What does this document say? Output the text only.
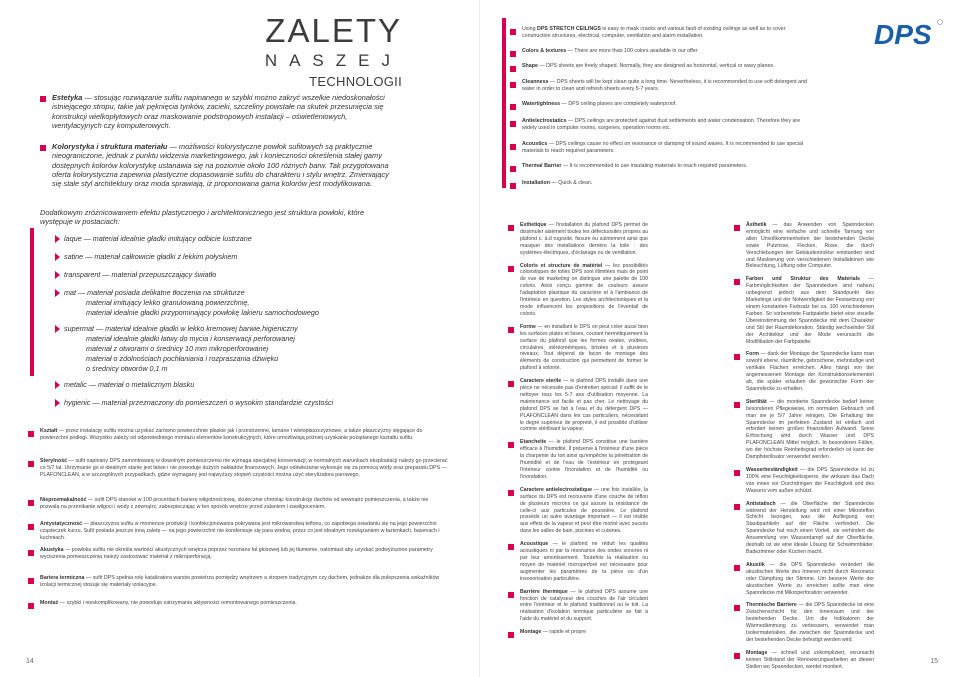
ZALETY
NASZEJ
TECHNOLOGII
Estetyka — stosując rozwiązanie sufitu napinanego w szybki możno zakryć wszelkie niedoskonałości istniejącego stropu, takie jak pęknięcia tynków, zacieki, szczeliny powstałe na skutek przesunięcia się konstrukcji wielkopłytowych oraz maskowanie podstropowych instalacji – oświetleniowych, wentylacyjnych czy komputerowych.
Kolorystyka i struktura materiału — możliwości kolorystyczne powłok sufitowych są praktycznie nieograniczone, jednak z punktu widzenia marketingowego, jak i konieczności określenia stałej gamy dostępnych kolorów kolorystykę ustanawia się na poziomie około 100 różnych barw. Tak przygotowana oferta kolorystyczna zapewnia plastyczne dopasowanie sufitu do charakteru i stylu wnętrz. Zmieniający się stale styl architektury oraz moda sprawiają, iż proponowana gama kolorów jest modyfikowana.
Dodatkowym zróżnicowaniem efektu plastycznego i architektonicznego jest struktura powłoki, które występuje w postaciach:
laque — materiał idealnie gładki imitujący odbicie lustrzane
satine — materiał całkowicie gładki z lekkim połyskiem
transparent — materiał przepuszczający światło
mat — materiał posiada delikatne tłoczenia na strukturze
materiał imitujący lekko granulowaną powierzchnię,
materiał idealnie gładki przypominający powłokę lakieru samochodowego
supermat — materiał idealnie gładki w lekko kremowej barwie,higieniczny
materiał idealnie gładki łatwy do mycia i konserwacji perforowanej
materiał z otworami o średnicy 10 mm mikroperforowanej
materiał o zdolnościach pochłaniania i rozpraszania dźwięku
o średnicy otworów 0,1 m
metalic — materiał o metalicznym blasku
hygienic — materiał przeznaczony do pomieszczeń o wysokim standardzie czystości
Kształt — przez instalację sufitu można uzyskać zarówno powierzchnie płaskie jak i przestrzenne, łamane i wielopłaszczyznowe, a także płaszczyzny sięgające do powierzchni podłogi. Wszystko zależy od odpowiedniego montażu elementów konstrukcyjnych, które umożliwiają później uzyskanie pożądanego kształtu sufitu.
Sterylność — sufit napinany DPS zamontowany w dowolnym pomieszczeniu nie wymaga specjalnej konserwacji; w normalnych warunkach eksploatacji należy go przecierać co 5/7 lat. Utrzymanie go w idealnym stanie jest łatwe i nie powoduje dużych nakładów finansowych. Jego odświeżanie wykonuje się za pomocą wody oraz preparatu DPS — PLAFONCLEAN, a w szczególnych przypadkach, gdzie wymagany jest najwyższy stopień czystości można użyć sterylizatora parowego.
Nieprzemakalność — sufit DPS stanowi w 100 procentach barierę wilgotnościową, skutecznie chroniąc konstrukcję dachów od wewnątrz pomieszczenia, a także nie pozwala na przenikanie wilgoci i wody z zewnątrz, zabezpieczając w ten sposób wnętrze przed zalaniem i zawilgoceniem.
Antystatyczność — płaszczyzna sufitu w momencie produkcji i konfekcjonowania pokrywana jest mikrowarstwą teflonu, co zapobiega osiadaniu się na jego powierzchni cząsteczek kurzu. Sufit posiada jeszcze inną zaletę — na jego powierzchni nie kondensuje się para wodna, przez co jest idealnym rozwiązaniem w łazienkach, basenach i kuchniach.
Akustyka — powłoka sufitu nie określa wartości akustycznych wnętrza poprzez rezonans fal głosowej lub jej tłumienie, natomiast aby uzyskać podwyższone parametry wyciszenia pomieszczenia należy zastosować materiał z mikroperforacją.
Bariera termiczna — sufit DPS spełnia rolę katalizatora warstw powietrza pomiędzy wnętrzem a stropem tradycyjnym czy dachem, jednakże dla polepszenia wskaźników izolacji termicznej stosuje się materiały izolacyjne.
Montaż — szybki i nieskomplikowany, nie powoduje zatrzymania aktywności remontowanego pomieszczenia.
14
DPS
Using DPS STRETCH CEILINGS is easy to mask cracks and various fault of existing ceilings as well as to cover construction structures, electrical, computer, ventilation and alarm installation.
Colors & textures — There are more than 100 colors available in our offer
Shape — DPS sheets are freely shaped. Normally, they are designed as horizontal, vertical or wavy planes.
Cleanness — DPS sheets will be kept clean quite a long time. Nevertheless, it is recommended to use soft detergent and water in order to clean and refresh sheets every 5-7 years.
Watertightness — DPS ceiling planes are completely waterproof.
Antielectrostatics — DPS ceilings are protected against dust settlements and water condensation. Therefore they are widely used in computer rooms, surgeries, operation rooms etc.
Acoustics — DPS ceilings cause no effect on resonance or damping of sound waves. It is recommended to use special materials to reach required parameters.
Thermal Barrier — It is recommended to use insulating materials to reach required parameters.
Installation — Quick & clean.
Esthetique — l'installation du plafond DPS permet de dissimuler aisément toutes les défectuosités propres au plafond c. à.d rugosité, fissure ou suintement ainsi que masquer des installations derrière la toile : des systèmes électriques, d'éclairage ou de ventilation.
Coloris et structure de matériel — les possibilités coloristiques de toiles DPS sont illimitées mais de point de vue de marketing on distingue une palette de 100 coloris. Ainsi conçu gamme de couleurs assure l'adaptation plastique du caractère et à l'ambiance de l'intérieur en question. Les styles architectoniques et la mode influencent les propositions de l'éventail de coloris.
Forme — en installant le DPS on peut créer aussi bien les surfaces plates et lisses, courant hermétiquement la surface du plafond que les formes ovales, voûtées, circulaires, stéréométriques, brisées et à plusieurs niveaux. Tout dépend de facon de montage des éléments de construction qui permettent de former le plafond à volonté.
Caractere sterile — le plafond DPS installé dans une pièce ne nécessite pas d'entretien spécial: il suffit de le nettoyer tous les 5-7 ans d'utilisation moyenne. La maintenance est facile et pas cher. Le nettoyage du plafond DPS se fait à l'eau et du détergent DPS — PLAFONCLEAN dans les cas particuliers, nécessitant le degré supérieur de propreté, il est possible d'utiliser comme stérilisant la vapeur.
Etancheite — le plafond DPS constitue une barrière efficace à l'humidité. Il préserve à l'intérieur d'une pièce la charpente du toit ainsi qu'empêche la pénétration de l'humidité et de l'eau de l'extérieur en protégeant l'intérieur contre l'inondation et de l'humidité ou l'inondation.
Caractere antielectrostatique — une fois installée, la surface du DPS est recouverte d'une couche de téflon de plusieurs microns ce qui assure la résistance de celle-ci aux particules de poussière. Le plafond possède un autre avantage important — il est insible aux effets de la vapeur et peut être monté avec succès dans les salles de bain, piscines et cuisines.
Acoustique — le plafond ne réduit les qualités acoustiques ni par la résonance des ondes sonores ni par leur amortissement. Toutefois la réalisation ou moyen de matériel microperforé est nécessaire pour augmenter les paramètres de la pièce ou d'un insonorisation particulière.
Barriére thermique — le plafond DPS assume une fonction de catalyseur des couches de l'air circulant entre l'intérieur et le plafond traditionnel ou le toit. La réalisation d'isolation termique particulière se fait à l'aide du matériel et du support.
Montage — rapide et propre
Ästhetik — das Anwenden von Spanndecken ermöglicht eine einfache und schnelle Tarnung von allen Unvollkommenheiten der bestehenden Decke sowie Putzrisse, Flecken, Risse, die durch Verschiebungen der Gebäudestruktur entstanden sind und Maskierung von verschiedenen Installationen wie Beleuchtung, Lüftung oder Computer.
Farben und Struktur des Materials — Farbmöglichkeiten der Spanndecken sind nahezu unbegrenzt jedoch aus dem Standpunkt des Marketings und der Notwendigkeit der Festsetzung von einem konstanten Farbsatz bei ca. 100 verschiedenen Farben. So vorbereitete Farbpalette bietet eine visuelle Übereinstimmung der Spanndecke mit dem Charakter und Stil der Raumdekoration. Ständig wechselnder Stil der Architektur und der Mode verursacht die Modifikation der Farbpalette.
Form — dank der Montage der Spanndecke kann man sowohl ebene, räumliche, gebrochene, mehrstufige und vertikale Flächen erreichen. Alles hängt von der angemessenen Montage der Konstruktionselementen ab, die später erlauben die gewünschte Form der Spanndecke zu erhalten.
Sterilität — die montierte Spanndecke bedarf keiner besonderen Pflegeweise, im normalen Gebrauch soll man sie je 5/7 Jahre reinigen. Die Erhaltung der Spanndecke im perfekten Zustand ist einfach und erfordert keinen großen finanziellen Aufwand. Seine Erfrischung wird durch Wasser und DPS PLAFONCLEAN Mittel möglich. In besonderen Fällen, wo der höchste Reinheitsgrad erforderlich ist kann der Dampfsterilisator verwendet werden.
Wasserbeständigkeit — die DPS Spanndecke ist zu 100% eine Feuchtigkeitssperre, die wirksam das Dach von innen vor Durchdringen der Feuchtigkeit und des Wassers vom außen schützt.
Antistatisch — die Oberfläche der Spanndecke während der Herstellung wird mit einer Mikroteflon Schicht bezogen, was die Aufliegung von Staubpartikeln auf der Fläche verhindert. Die Spanndecke hat noch einen Vorteil, sie verhindert die Ansammlung von Wasserdampf auf der Oberfläche, deshalb ist sie eine ideale Lösung für Schwimmbäder, Badezimmer oder Küchen macht.
Akustik — die DPS Spanndecke verändert die akustischen Werte des Inneren nicht durch Resonanz oder Dämpfung der Stimme. Um bessere Werte der akustischen Werte zu erreichen sollte man eine Spanndecke mit Mikroperforation verwendet.
Thermische Barriere — die DPS Spanndecke ist eine Zwischenschicht für den Innenraum und der bestehenden Decke. Um die Indikatoren der Wärmedämmung zu verbessern, verwendet man Isoliermaterialien, die zwischen der Spanndecke und der bestehenden Decke befestigt werden wird.
Montage — schnell und unkompliziert, verursacht keinen Stillstand der Renovierungsarbeiten an diesen Stellen wo Spanndecken, werdet montiert.
15
